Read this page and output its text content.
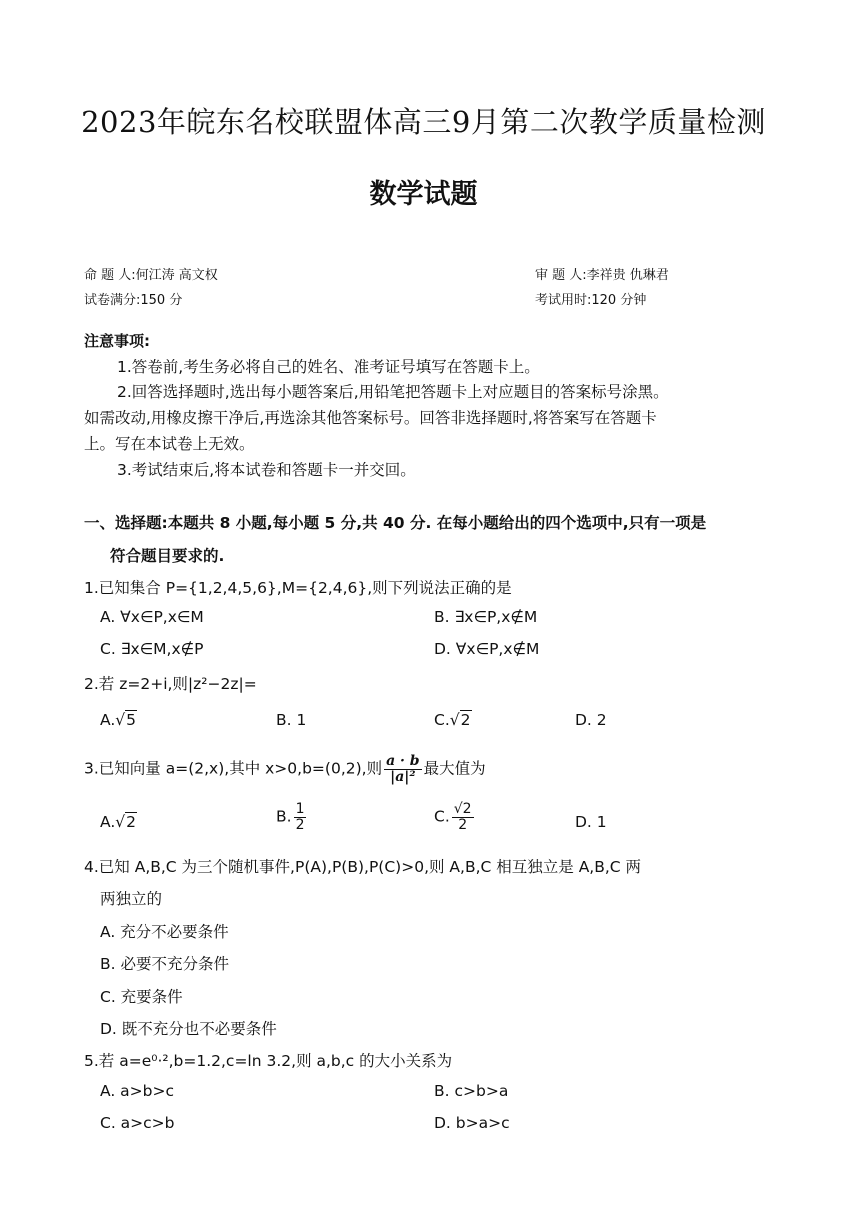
2023年皖东名校联盟体高三9月第二次教学质量检测
数学试题
命 题 人:何江涛 高文权	审 题 人:李祥贵 仇琳君
试卷满分:150 分	考试用时:120 分钟
注意事项:
1.答卷前,考生务必将自己的姓名、准考证号填写在答题卡上。
2.回答选择题时,选出每小题答案后,用铅笔把答题卡上对应题目的答案标号涂黑。
如需改动,用橡皮擦干净后,再选涂其他答案标号。回答非选择题时,将答案写在答题卡
上。写在本试卷上无效。
3.考试结束后,将本试卷和答题卡一并交回。
一、选择题:本题共 8 小题,每小题 5 分,共 40 分. 在每小题给出的四个选项中,只有一项是
符合题目要求的.
1.已知集合 P={1,2,4,5,6},M={2,4,6},则下列说法正确的是
A. ∀x∈P,x∈M	B. ∃x∈P,x∉M
C. ∃x∈M,x∉P	D. ∀x∈P,x∉M
2.若 z=2+i,则|z²−2z|=
A.√5	B. 1	C.√2	D. 2
3.已知向量 a=(2,x),其中 x>0,b=(0,2),则 $\frac{a \cdot b}{\text{|a|²}}$ 最大值为
A.√2	B. $\frac{1}{2}$	C. $\frac{√2}{2}$	D. 1
4.已知 A,B,C 为三个随机事件,P(A),P(B),P(C)>0,则 A,B,C 相互独立是 A,B,C 两
两独立的
A. 充分不必要条件
B. 必要不充分条件
C. 充要条件
D. 既不充分也不必要条件
5.若 a=e⁰·²,b=1.2,c=ln 3.2,则 a,b,c 的大小关系为
A. a>b>c	B. c>b>a
C. a>c>b	D. b>a>c
